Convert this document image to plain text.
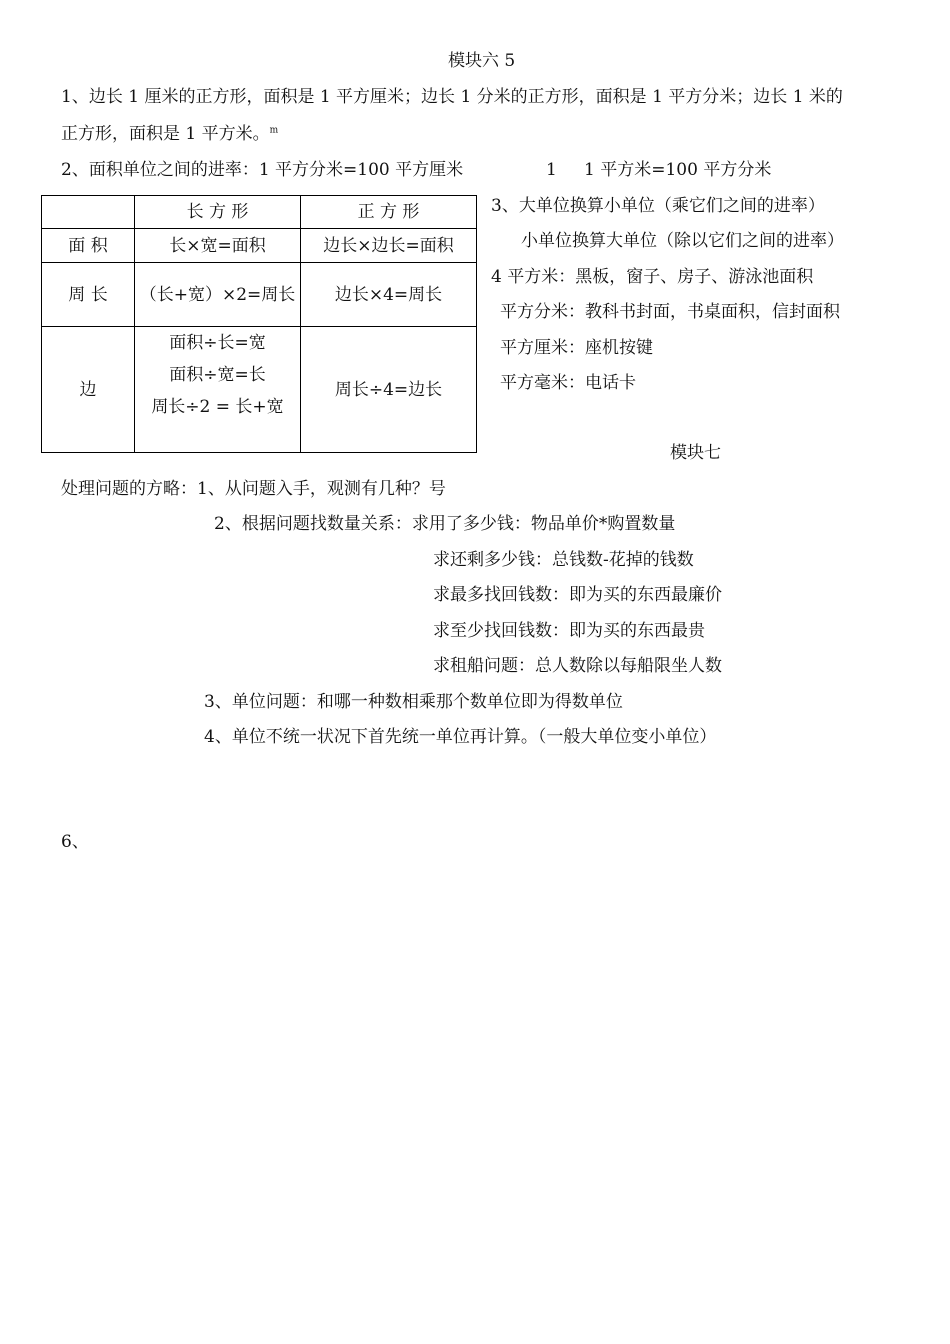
模块六 5
1、边长 1 厘米的正方形，面积是 1 平方厘米；边长 1 分米的正方形，面积是 1 平方分米；边长 1 米的
正方形，面积是 1 平方米。$^m$
2、面积单位之间的进率：1 平方分米=100 平方厘米	1 1 平方米=100 平方分米
	长 方 形	正 方 形
面 积	长×宽=面积	边长×边长=面积
周 长	（长+宽）×2=周长	边长×4=周长
边	面积÷长=宽
面积÷宽=长
周长÷2 = 长+宽	周长÷4=边长
3、大单位换算小单位（乘它们之间的进率）
小单位换算大单位（除以它们之间的进率）
4 平方米：黑板，窗子、房子、游泳池面积
平方分米：教科书封面，书桌面积，信封面积
平方厘米：座机按键
平方毫米：电话卡
模块七
处理问题的方略：1、从问题入手，观测有几种？号
2、根据问题找数量关系：求用了多少钱：物品单价*购置数量
求还剩多少钱：总钱数-花掉的钱数
求最多找回钱数：即为买的东西最廉价
求至少找回钱数：即为买的东西最贵
求租船问题：总人数除以每船限坐人数
3、单位问题：和哪一种数相乘那个数单位即为得数单位
4、单位不统一状况下首先统一单位再计算。（一般大单位变小单位）
6、
